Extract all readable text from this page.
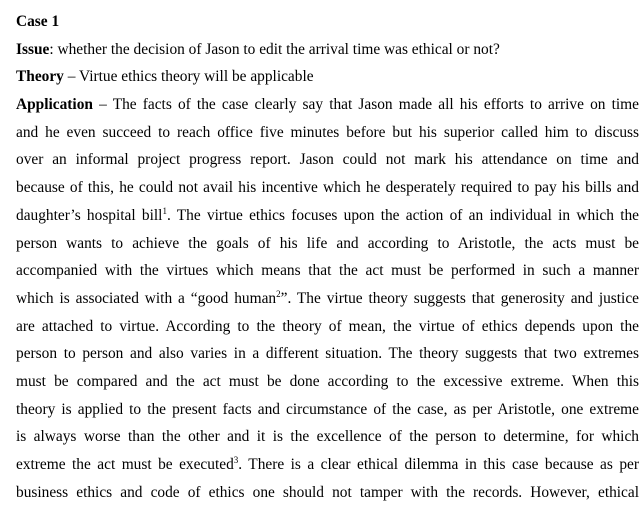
Case 1
Issue: whether the decision of Jason to edit the arrival time was ethical or not?
Theory – Virtue ethics theory will be applicable
Application – The facts of the case clearly say that Jason made all his efforts to arrive on time
and he even succeed to reach office five minutes before but his superior called him to discuss
over an informal project progress report. Jason could not mark his attendance on time and
because of this, he could not avail his incentive which he desperately required to pay his bills and
daughter’s hospital bill$^1$. The virtue ethics focuses upon the action of an individual in which the
person wants to achieve the goals of his life and according to Aristotle, the acts must be
accompanied with the virtues which means that the act must be performed in such a manner
which is associated with a “good human$^2$”. The virtue theory suggests that generosity and justice
are attached to virtue. According to the theory of mean, the virtue of ethics depends upon the
person to person and also varies in a different situation. The theory suggests that two extremes
must be compared and the act must be done according to the excessive extreme. When this
theory is applied to the present facts and circumstance of the case, as per Aristotle, one extreme
is always worse than the other and it is the excellence of the person to determine, for which
extreme the act must be executed$^3$. There is a clear ethical dilemma in this case because as per
business ethics and code of ethics one should not tamper with the records. However, ethical
